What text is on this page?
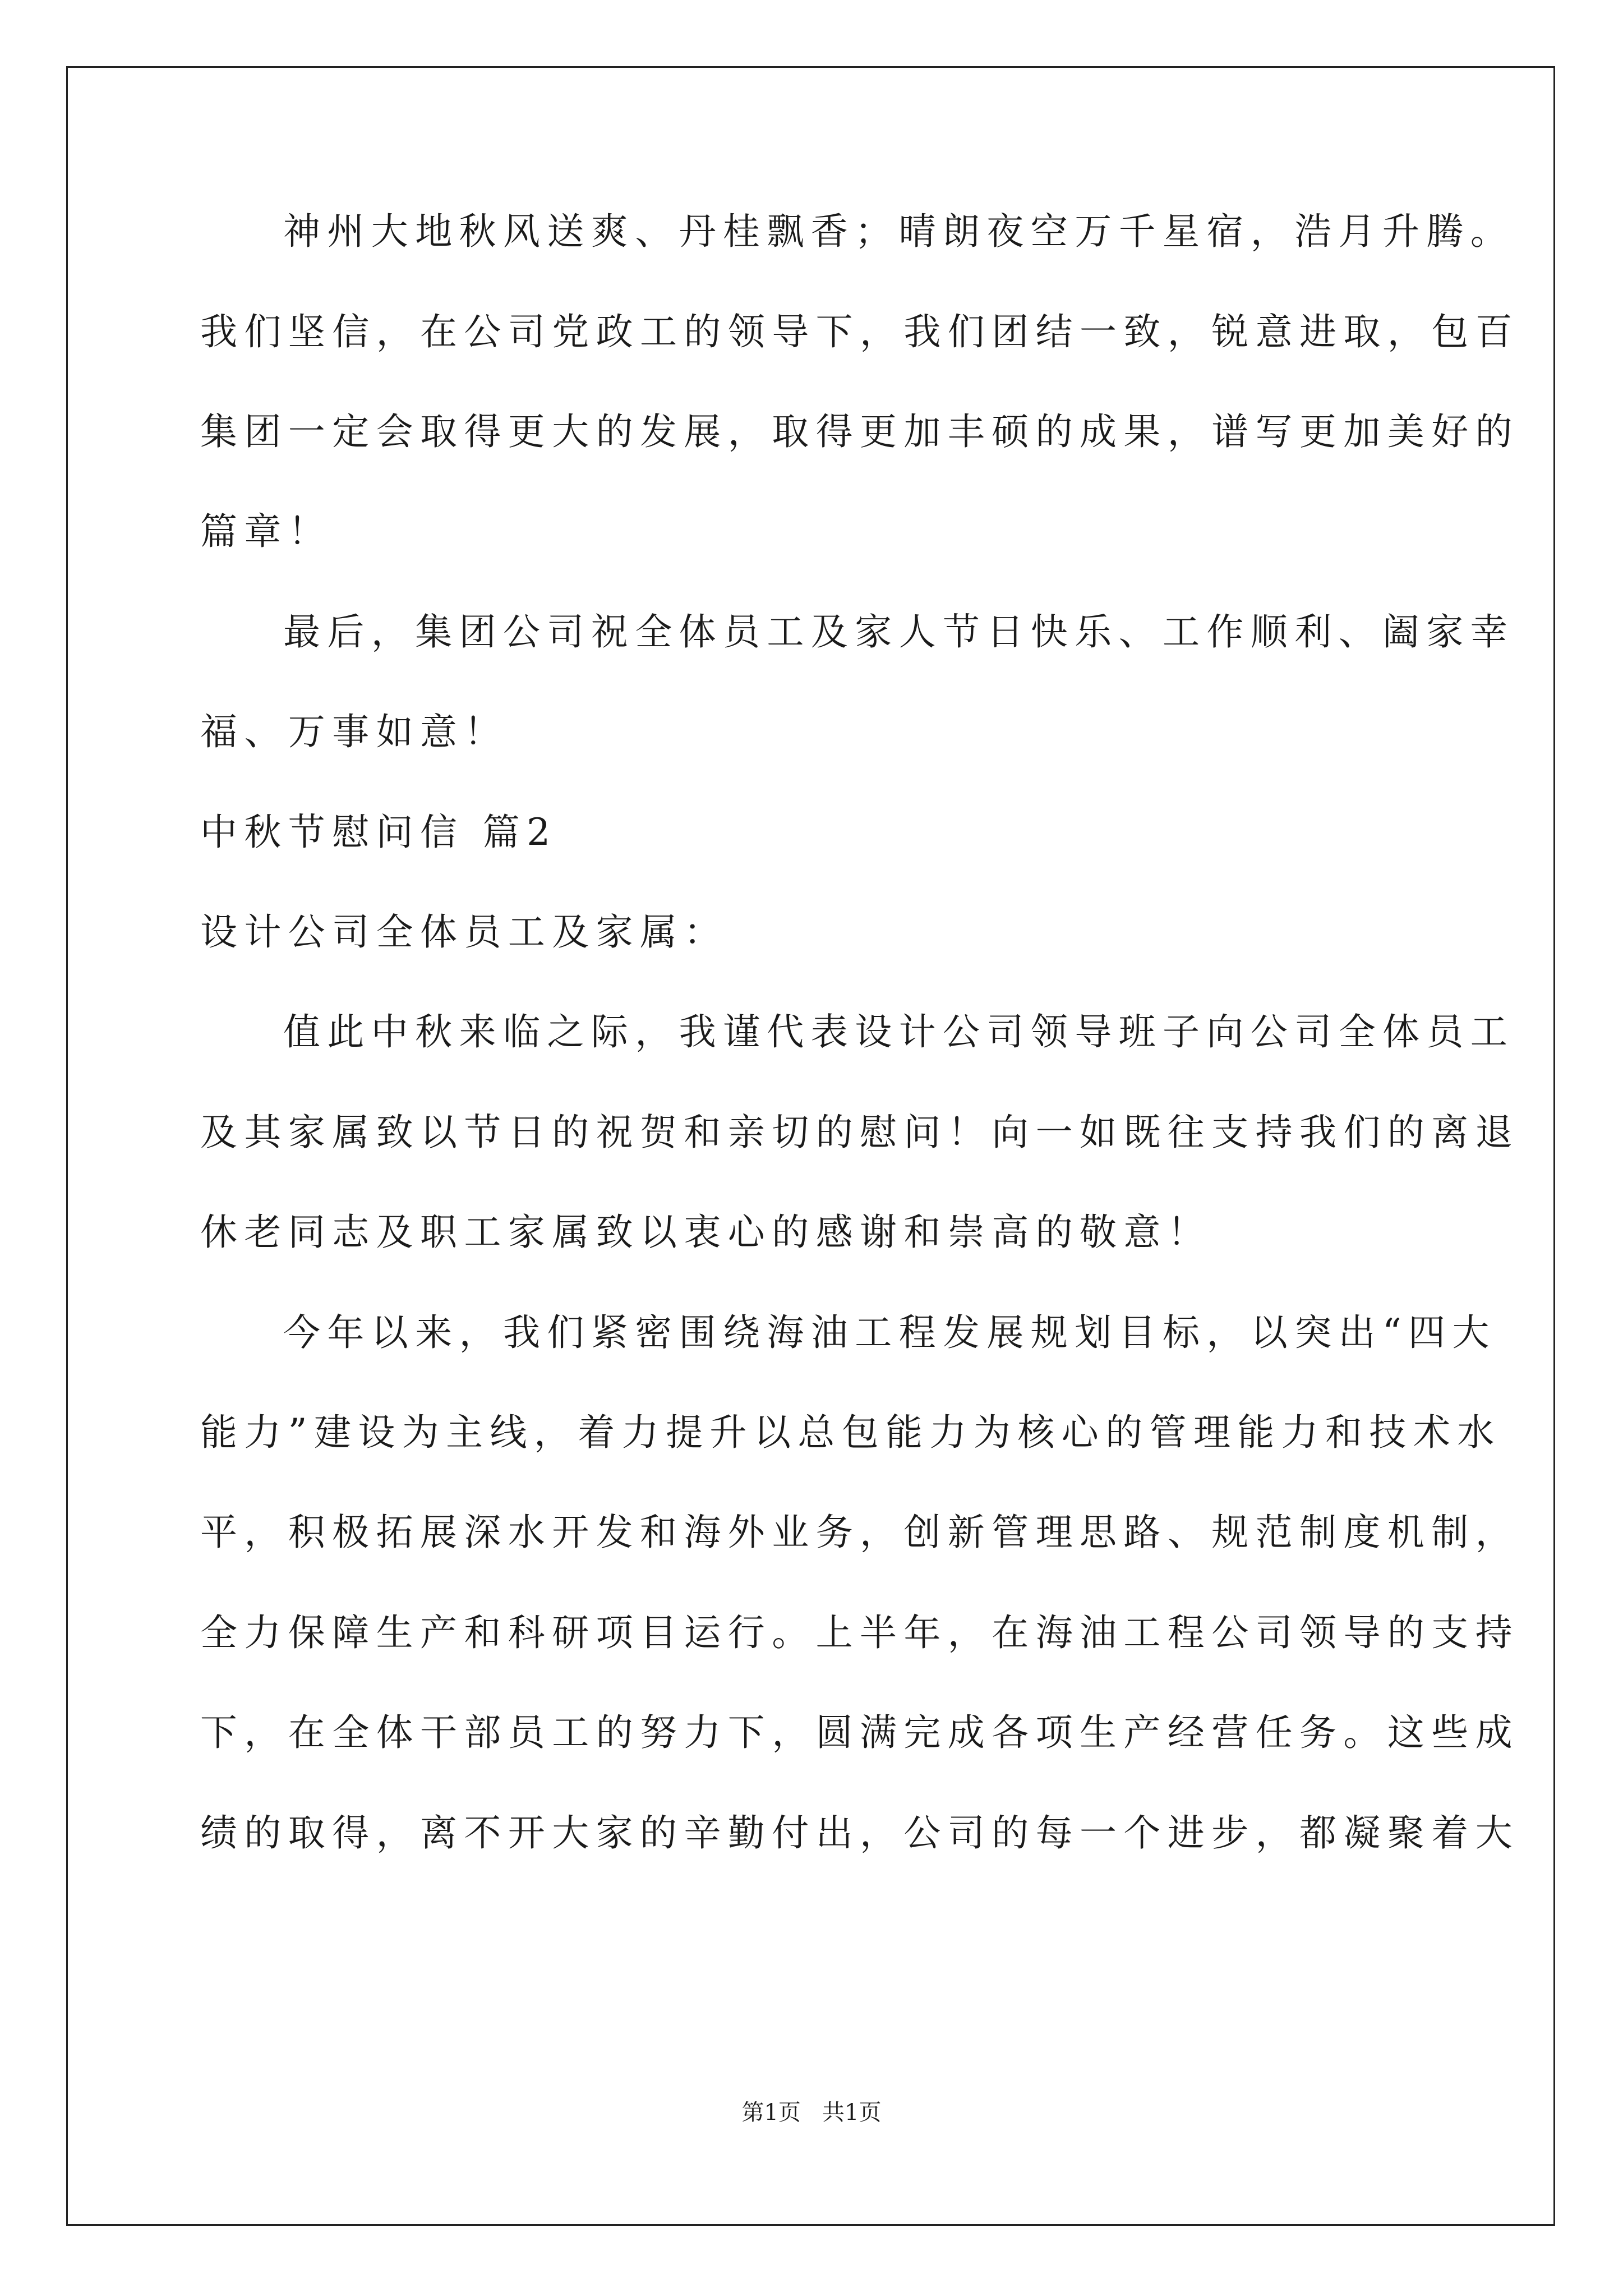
神州大地秋风送爽、丹桂飘香；晴朗夜空万千星宿，浩月升腾。
我们坚信，在公司党政工的领导下，我们团结一致，锐意进取，包百
集团一定会取得更大的发展，取得更加丰硕的成果，谱写更加美好的
篇章！
最后，集团公司祝全体员工及家人节日快乐、工作顺利、阖家幸
福、万事如意！
中秋节慰问信 篇2
设计公司全体员工及家属：
值此中秋来临之际，我谨代表设计公司领导班子向公司全体员工
及其家属致以节日的祝贺和亲切的慰问！向一如既往支持我们的离退
休老同志及职工家属致以衷心的感谢和崇高的敬意！
今年以来，我们紧密围绕海油工程发展规划目标，以突出“四大
能力”建设为主线，着力提升以总包能力为核心的管理能力和技术水
平，积极拓展深水开发和海外业务，创新管理思路、规范制度机制，
全力保障生产和科研项目运行。上半年，在海油工程公司领导的支持
下，在全体干部员工的努力下，圆满完成各项生产经营任务。这些成
绩的取得，离不开大家的辛勤付出，公司的每一个进步，都凝聚着大
第1页   共1页
